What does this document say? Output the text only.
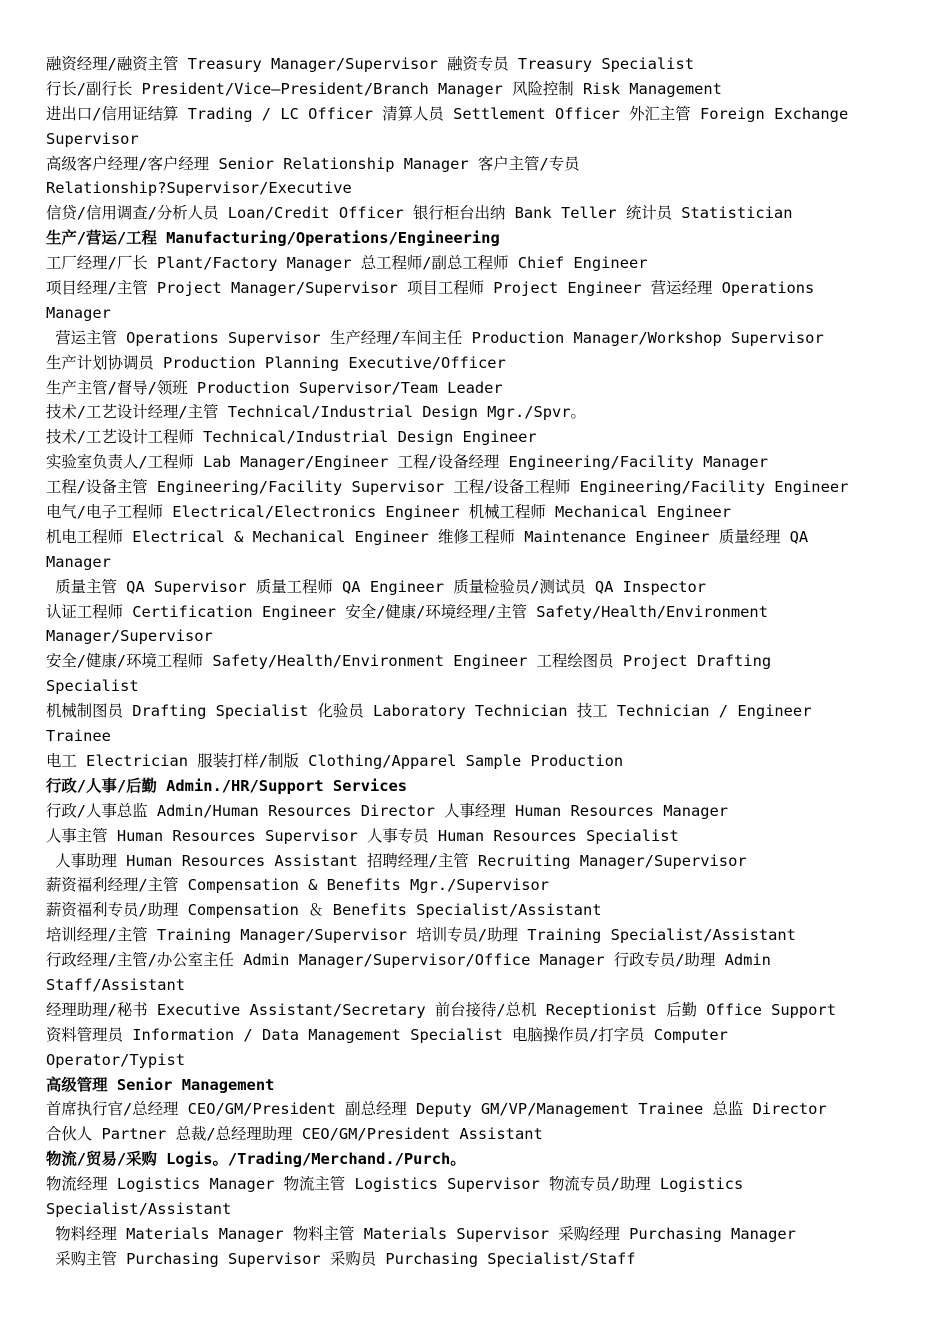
融资经理/融资主管 Treasury Manager/Supervisor 融资专员 Treasury Specialist
行长/副行长 President/Vice—President/Branch Manager 风险控制 Risk Management
进出口/信用证结算 Trading / LC Officer 清算人员 Settlement Officer 外汇主管 Foreign Exchange
Supervisor
高级客户经理/客户经理 Senior Relationship Manager 客户主管/专员
Relationship?Supervisor/Executive
信贷/信用调查/分析人员 Loan/Credit Officer 银行柜台出纳 Bank Teller 统计员 Statistician
生产/营运/工程 Manufacturing/Operations/Engineering
工厂经理/厂长 Plant/Factory Manager 总工程师/副总工程师 Chief Engineer
项目经理/主管 Project Manager/Supervisor 项目工程师 Project Engineer 营运经理 Operations
Manager
营运主管 Operations Supervisor 生产经理/车间主任 Production Manager/Workshop Supervisor
生产计划协调员 Production Planning Executive/Officer
生产主管/督导/领班 Production Supervisor/Team Leader
技术/工艺设计经理/主管 Technical/Industrial Design Mgr./Spvr。
技术/工艺设计工程师 Technical/Industrial Design Engineer
实验室负责人/工程师 Lab Manager/Engineer 工程/设备经理 Engineering/Facility Manager
工程/设备主管 Engineering/Facility Supervisor 工程/设备工程师 Engineering/Facility Engineer
电气/电子工程师 Electrical/Electronics Engineer 机械工程师 Mechanical Engineer
机电工程师 Electrical & Mechanical Engineer 维修工程师 Maintenance Engineer 质量经理 QA
Manager
质量主管 QA Supervisor 质量工程师 QA Engineer 质量检验员/测试员 QA Inspector
认证工程师 Certification Engineer 安全/健康/环境经理/主管 Safety/Health/Environment
Manager/Supervisor
安全/健康/环境工程师 Safety/Health/Environment Engineer 工程绘图员 Project Drafting
Specialist
机械制图员 Drafting Specialist 化验员 Laboratory Technician 技工 Technician / Engineer
Trainee
电工 Electrician 服装打样/制版 Clothing/Apparel Sample Production
行政/人事/后勤 Admin./HR/Support Services
行政/人事总监 Admin/Human Resources Director 人事经理 Human Resources Manager
人事主管 Human Resources Supervisor 人事专员 Human Resources Specialist
人事助理 Human Resources Assistant 招聘经理/主管 Recruiting Manager/Supervisor
薪资福利经理/主管 Compensation & Benefits Mgr./Supervisor
薪资福利专员/助理 Compensation ＆ Benefits Specialist/Assistant
培训经理/主管 Training Manager/Supervisor 培训专员/助理 Training Specialist/Assistant
行政经理/主管/办公室主任 Admin Manager/Supervisor/Office Manager 行政专员/助理 Admin
Staff/Assistant
经理助理/秘书 Executive Assistant/Secretary 前台接待/总机 Receptionist 后勤 Office Support
资料管理员 Information / Data Management Specialist 电脑操作员/打字员 Computer
Operator/Typist
高级管理 Senior Management
首席执行官/总经理 CEO/GM/President 副总经理 Deputy GM/VP/Management Trainee 总监 Director
合伙人 Partner 总裁/总经理助理 CEO/GM/President Assistant
物流/贸易/采购 Logis。/Trading/Merchand./Purch。
物流经理 Logistics Manager 物流主管 Logistics Supervisor 物流专员/助理 Logistics
Specialist/Assistant
物料经理 Materials Manager 物料主管 Materials Supervisor 采购经理 Purchasing Manager
采购主管 Purchasing Supervisor 采购员 Purchasing Specialist/Staff
